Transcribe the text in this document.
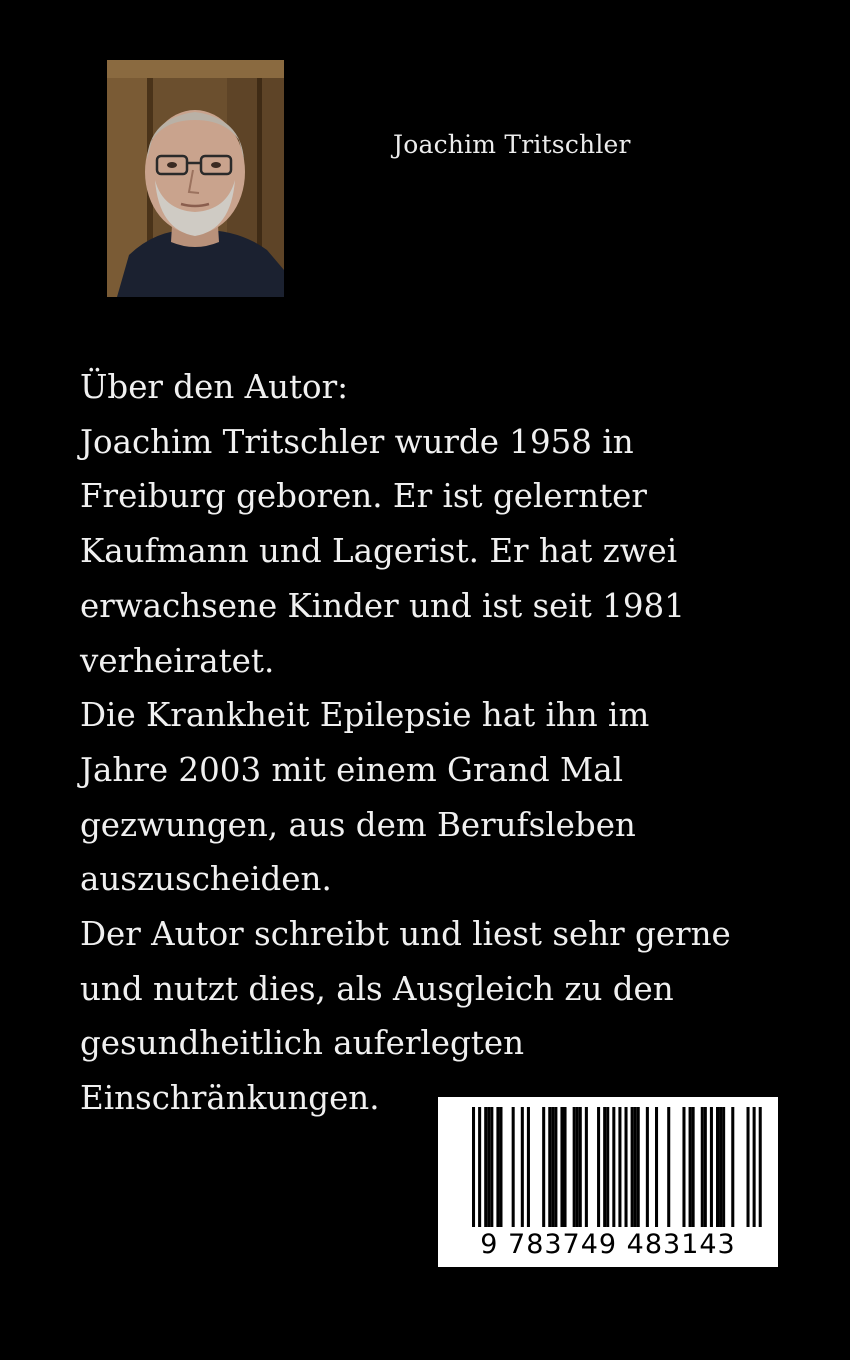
Joachim Tritschler
Über den Autor:
Joachim Tritschler wurde 1958 in
Freiburg geboren. Er ist gelernter
Kaufmann und Lagerist. Er hat zwei
erwachsene Kinder und ist seit 1981
verheiratet.
Die Krankheit Epilepsie hat ihn im
Jahre 2003 mit einem Grand Mal
gezwungen, aus dem Berufsleben
auszuscheiden.
Der Autor schreibt und liest sehr gerne
und nutzt dies, als Ausgleich zu den
gesundheitlich auferlegten
Einschränkungen.
9 783749 483143
